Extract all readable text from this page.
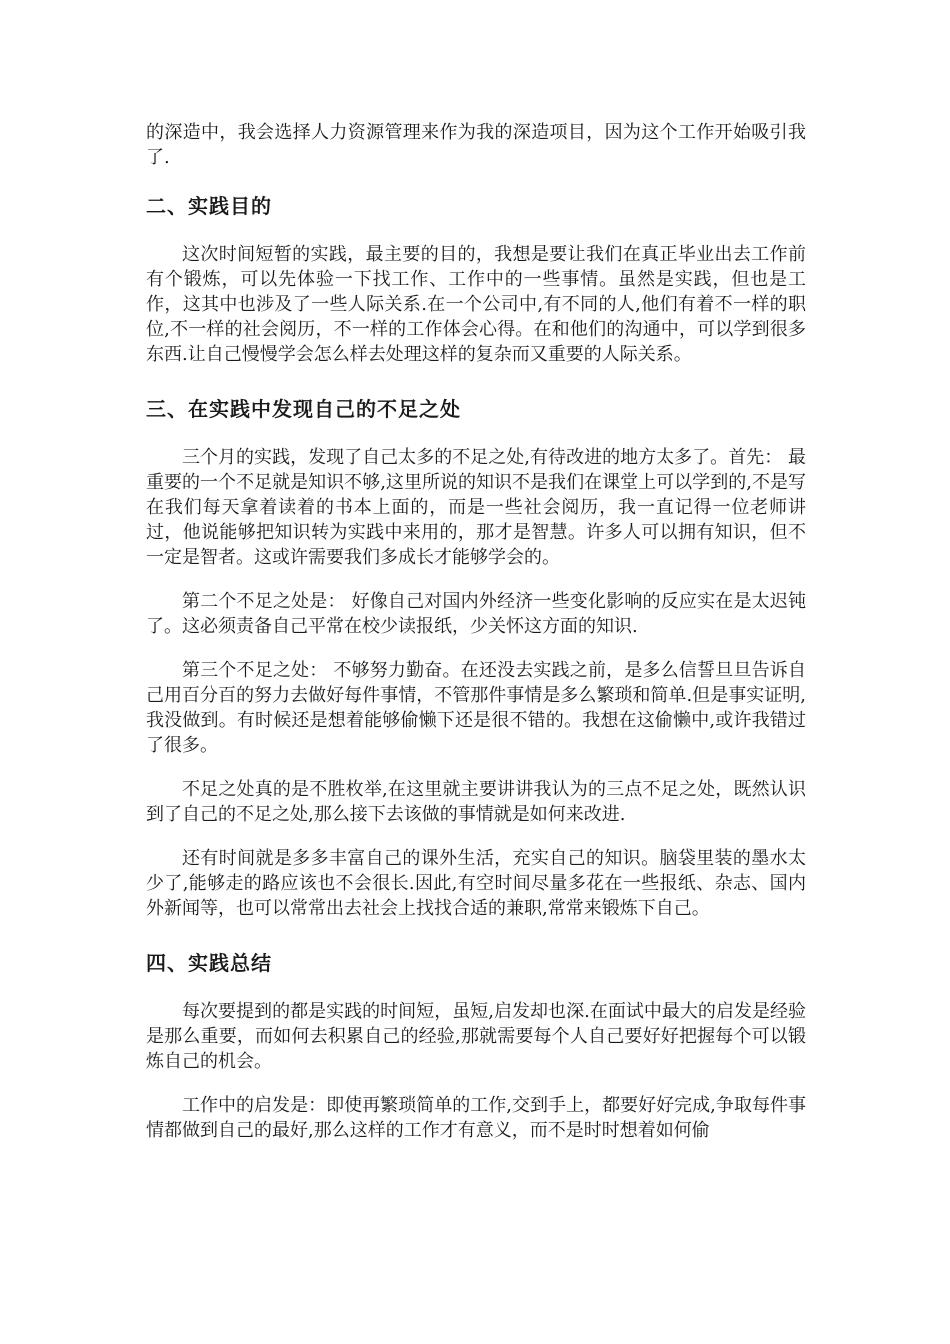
的深造中，我会选择人力资源管理来作为我的深造项目，因为这个工作开始吸引我了.

二、实践目的

这次时间短暂的实践，最主要的目的，我想是要让我们在真正毕业出去工作前有个锻炼，可以先体验一下找工作、工作中的一些事情。虽然是实践，但也是工作，这其中也涉及了一些人际关系.在一个公司中,有不同的人,他们有着不一样的职位,不一样的社会阅历，不一样的工作体会心得。在和他们的沟通中，可以学到很多东西.让自己慢慢学会怎么样去处理这样的复杂而又重要的人际关系。

三、在实践中发现自己的不足之处

三个月的实践，发现了自己太多的不足之处,有待改进的地方太多了。首先： 最重要的一个不足就是知识不够,这里所说的知识不是我们在课堂上可以学到的,不是写在我们每天拿着读着的书本上面的，而是一些社会阅历，我一直记得一位老师讲过，他说能够把知识转为实践中来用的，那才是智慧。许多人可以拥有知识，但不一定是智者。这或许需要我们多成长才能够学会的。

第二个不足之处是： 好像自己对国内外经济一些变化影响的反应实在是太迟钝了。这必须责备自己平常在校少读报纸，少关怀这方面的知识.

第三个不足之处： 不够努力勤奋。在还没去实践之前，是多么信誓旦旦告诉自己用百分百的努力去做好每件事情，不管那件事情是多么繁琐和简单.但是事实证明,我没做到。有时候还是想着能够偷懒下还是很不错的。我想在这偷懒中,或许我错过了很多。

不足之处真的是不胜枚举,在这里就主要讲讲我认为的三点不足之处，既然认识到了自己的不足之处,那么接下去该做的事情就是如何来改进.

还有时间就是多多丰富自己的课外生活，充实自己的知识。脑袋里装的墨水太少了,能够走的路应该也不会很长.因此,有空时间尽量多花在一些报纸、杂志、国内外新闻等，也可以常常出去社会上找找合适的兼职,常常来锻炼下自己。

四、实践总结

每次要提到的都是实践的时间短，虽短,启发却也深.在面试中最大的启发是经验是那么重要，而如何去积累自己的经验,那就需要每个人自己要好好把握每个可以锻炼自己的机会。

工作中的启发是：即使再繁琐简单的工作,交到手上，都要好好完成,争取每件事情都做到自己的最好,那么这样的工作才有意义，而不是时时想着如何偷
